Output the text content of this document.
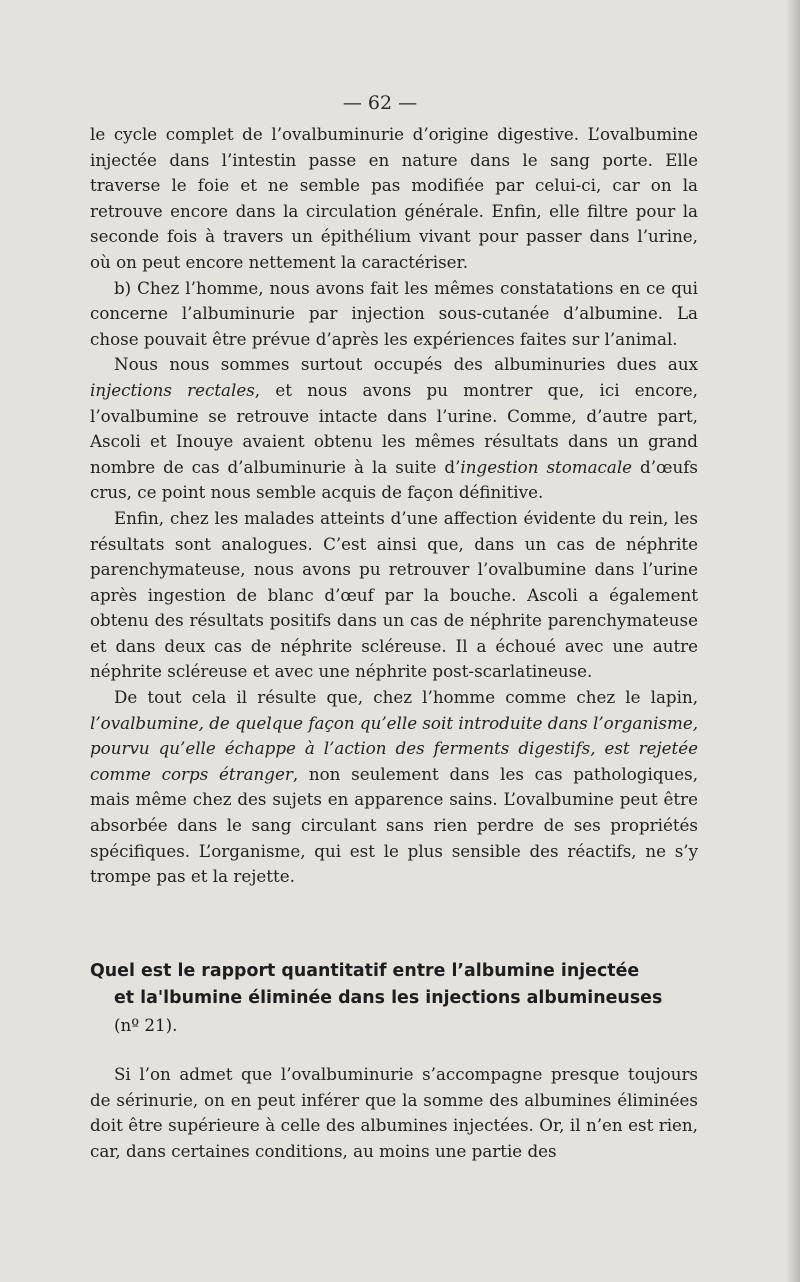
— 62 —

le cycle complet de l’ovalbuminurie d’origine digestive. L’ovalbumine injectée dans l’intestin passe en nature dans le sang porte. Elle traverse le foie et ne semble pas modifiée par celui-ci, car on la retrouve encore dans la circulation générale. Enfin, elle filtre pour la seconde fois à travers un épithélium vivant pour passer dans l’urine, où on peut encore nettement la caractériser.

b) Chez l’homme, nous avons fait les mêmes constatations en ce qui concerne l’albuminurie par injection sous-cutanée d’albumine. La chose pouvait être prévue d’après les expériences faites sur l’animal.

Nous nous sommes surtout occupés des albuminuries dues aux injections rectales, et nous avons pu montrer que, ici encore, l’ovalbumine se retrouve intacte dans l’urine. Comme, d’autre part, Ascoli et Inouye avaient obtenu les mêmes résultats dans un grand nombre de cas d’albuminurie à la suite d’ingestion stomacale d’œufs crus, ce point nous semble acquis de façon définitive.

Enfin, chez les malades atteints d’une affection évidente du rein, les résultats sont analogues. C’est ainsi que, dans un cas de néphrite parenchymateuse, nous avons pu retrouver l’ovalbumine dans l’urine après ingestion de blanc d’œuf par la bouche. Ascoli a également obtenu des résultats positifs dans un cas de néphrite parenchymateuse et dans deux cas de néphrite scléreuse. Il a échoué avec une autre néphrite scléreuse et avec une néphrite post-scarlatineuse.

De tout cela il résulte que, chez l’homme comme chez le lapin, l’ovalbumine, de quelque façon qu’elle soit introduite dans l’organisme, pourvu qu’elle échappe à l’action des ferments digestifs, est rejetée comme corps étranger, non seulement dans les cas pathologiques, mais même chez des sujets en apparence sains. L’ovalbumine peut être absorbée dans le sang circulant sans rien perdre de ses propriétés spécifiques. L’organisme, qui est le plus sensible des réactifs, ne s’y trompe pas et la rejette.

Quel est le rapport quantitatif entre l’albumine injectée
et la'lbumine éliminée dans les injections albumineuses
(nº 21).

Si l’on admet que l’ovalbuminurie s’accompagne presque toujours de sérinurie, on en peut inférer que la somme des albumines éliminées doit être supérieure à celle des albumines injectées. Or, il n’en est rien, car, dans certaines conditions, au moins une partie des
